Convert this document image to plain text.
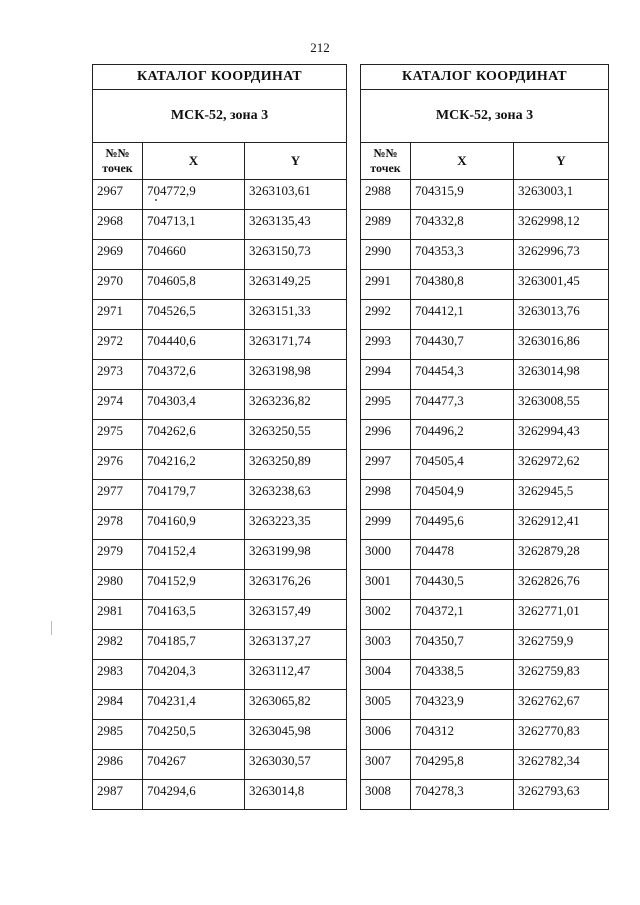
212
КАТАЛОГ КООРДИНАТ		
МСК-52, зона 3		

№№
точек	X	Y
2967	704772,9	3263103,61
2968	704713,1	3263135,43
2969	704660	3263150,73
2970	704605,8	3263149,25
2971	704526,5	3263151,33
2972	704440,6	3263171,74
2973	704372,6	3263198,98
2974	704303,4	3263236,82
2975	704262,6	3263250,55
2976	704216,2	3263250,89
2977	704179,7	3263238,63
2978	704160,9	3263223,35
2979	704152,4	3263199,98
2980	704152,9	3263176,26
2981	704163,5	3263157,49
2982	704185,7	3263137,27
2983	704204,3	3263112,47
2984	704231,4	3263065,82
2985	704250,5	3263045,98
2986	704267	3263030,57
2987	704294,6	3263014,8
КАТАЛОГ КООРДИНАТ		
МСК-52, зона 3		

№№
точек	X	Y
2988	704315,9	3263003,1
2989	704332,8	3262998,12
2990	704353,3	3262996,73
2991	704380,8	3263001,45
2992	704412,1	3263013,76
2993	704430,7	3263016,86
2994	704454,3	3263014,98
2995	704477,3	3263008,55
2996	704496,2	3262994,43
2997	704505,4	3262972,62
2998	704504,9	3262945,5
2999	704495,6	3262912,41
3000	704478	3262879,28
3001	704430,5	3262826,76
3002	704372,1	3262771,01
3003	704350,7	3262759,9
3004	704338,5	3262759,83
3005	704323,9	3262762,67
3006	704312	3262770,83
3007	704295,8	3262782,34
3008	704278,3	3262793,63
